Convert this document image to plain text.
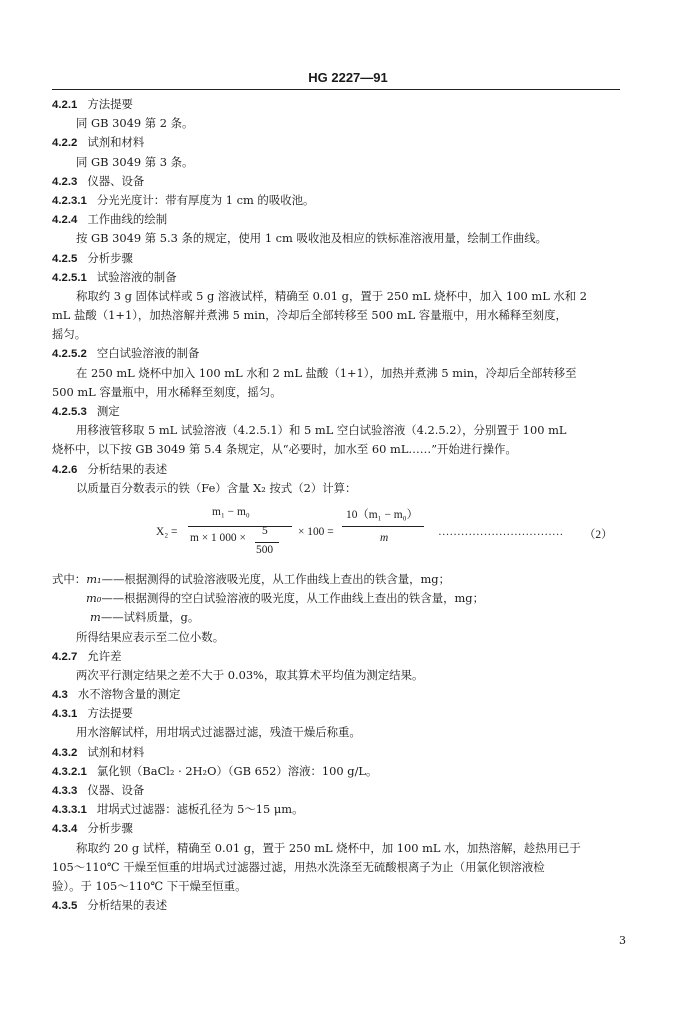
HG 2227—91
4.2.1 方法提要
同 GB 3049 第 2 条。
4.2.2 试剂和材料
同 GB 3049 第 3 条。
4.2.3 仪器、设备
4.2.3.1 分光光度计：带有厚度为 1 cm 的吸收池。
4.2.4 工作曲线的绘制
按 GB 3049 第 5.3 条的规定，使用 1 cm 吸收池及相应的铁标准溶液用量，绘制工作曲线。
4.2.5 分析步骤
4.2.5.1 试验溶液的制备
称取约 3 g 固体试样或 5 g 溶液试样，精确至 0.01 g，置于 250 mL 烧杯中，加入 100 mL 水和 2
mL 盐酸（1+1），加热溶解并煮沸 5 min，冷却后全部转移至 500 mL 容量瓶中，用水稀释至刻度，
摇匀。
4.2.5.2 空白试验溶液的制备
在 250 mL 烧杯中加入 100 mL 水和 2 mL 盐酸（1+1），加热并煮沸 5 min，冷却后全部转移至
500 mL 容量瓶中，用水稀释至刻度，摇匀。
4.2.5.3 测定
用移液管移取 5 mL 试验溶液（4.2.5.1）和 5 mL 空白试验溶液（4.2.5.2），分别置于 100 mL
烧杯中，以下按 GB 3049 第 5.4 条规定，从“必要时，加水至 60 mL……”开始进行操作。
4.2.6 分析结果的表述
以质量百分数表示的铁（Fe）含量 X₂ 按式（2）计算：
X₂ =
m₁ − m₀
m × 1 000 ×
5
500
× 100 =
10（m₁ − m₀）
m	…………………………… （2）
式中：m₁——根据测得的试验溶液吸光度，从工作曲线上查出的铁含量，mg；
m₀——根据测得的空白试验溶液的吸光度，从工作曲线上查出的铁含量，mg；
m——试料质量，g。
所得结果应表示至二位小数。
4.2.7 允许差
两次平行测定结果之差不大于 0.03%，取其算术平均值为测定结果。
4.3 水不溶物含量的测定
4.3.1 方法提要
用水溶解试样，用坩埚式过滤器过滤，残渣干燥后称重。
4.3.2 试剂和材料
4.3.2.1 氯化钡（BaCl₂ · 2H₂O）（GB 652）溶液：100 g/L。
4.3.3 仪器、设备
4.3.3.1 坩埚式过滤器：滤板孔径为 5～15 μm。
4.3.4 分析步骤
称取约 20 g 试样，精确至 0.01 g，置于 250 mL 烧杯中，加 100 mL 水，加热溶解，趁热用已于
105～110℃ 干燥至恒重的坩埚式过滤器过滤，用热水洗涤至无硫酸根离子为止（用氯化钡溶液检
验）。于 105～110℃ 下干燥至恒重。
4.3.5 分析结果的表述
3
